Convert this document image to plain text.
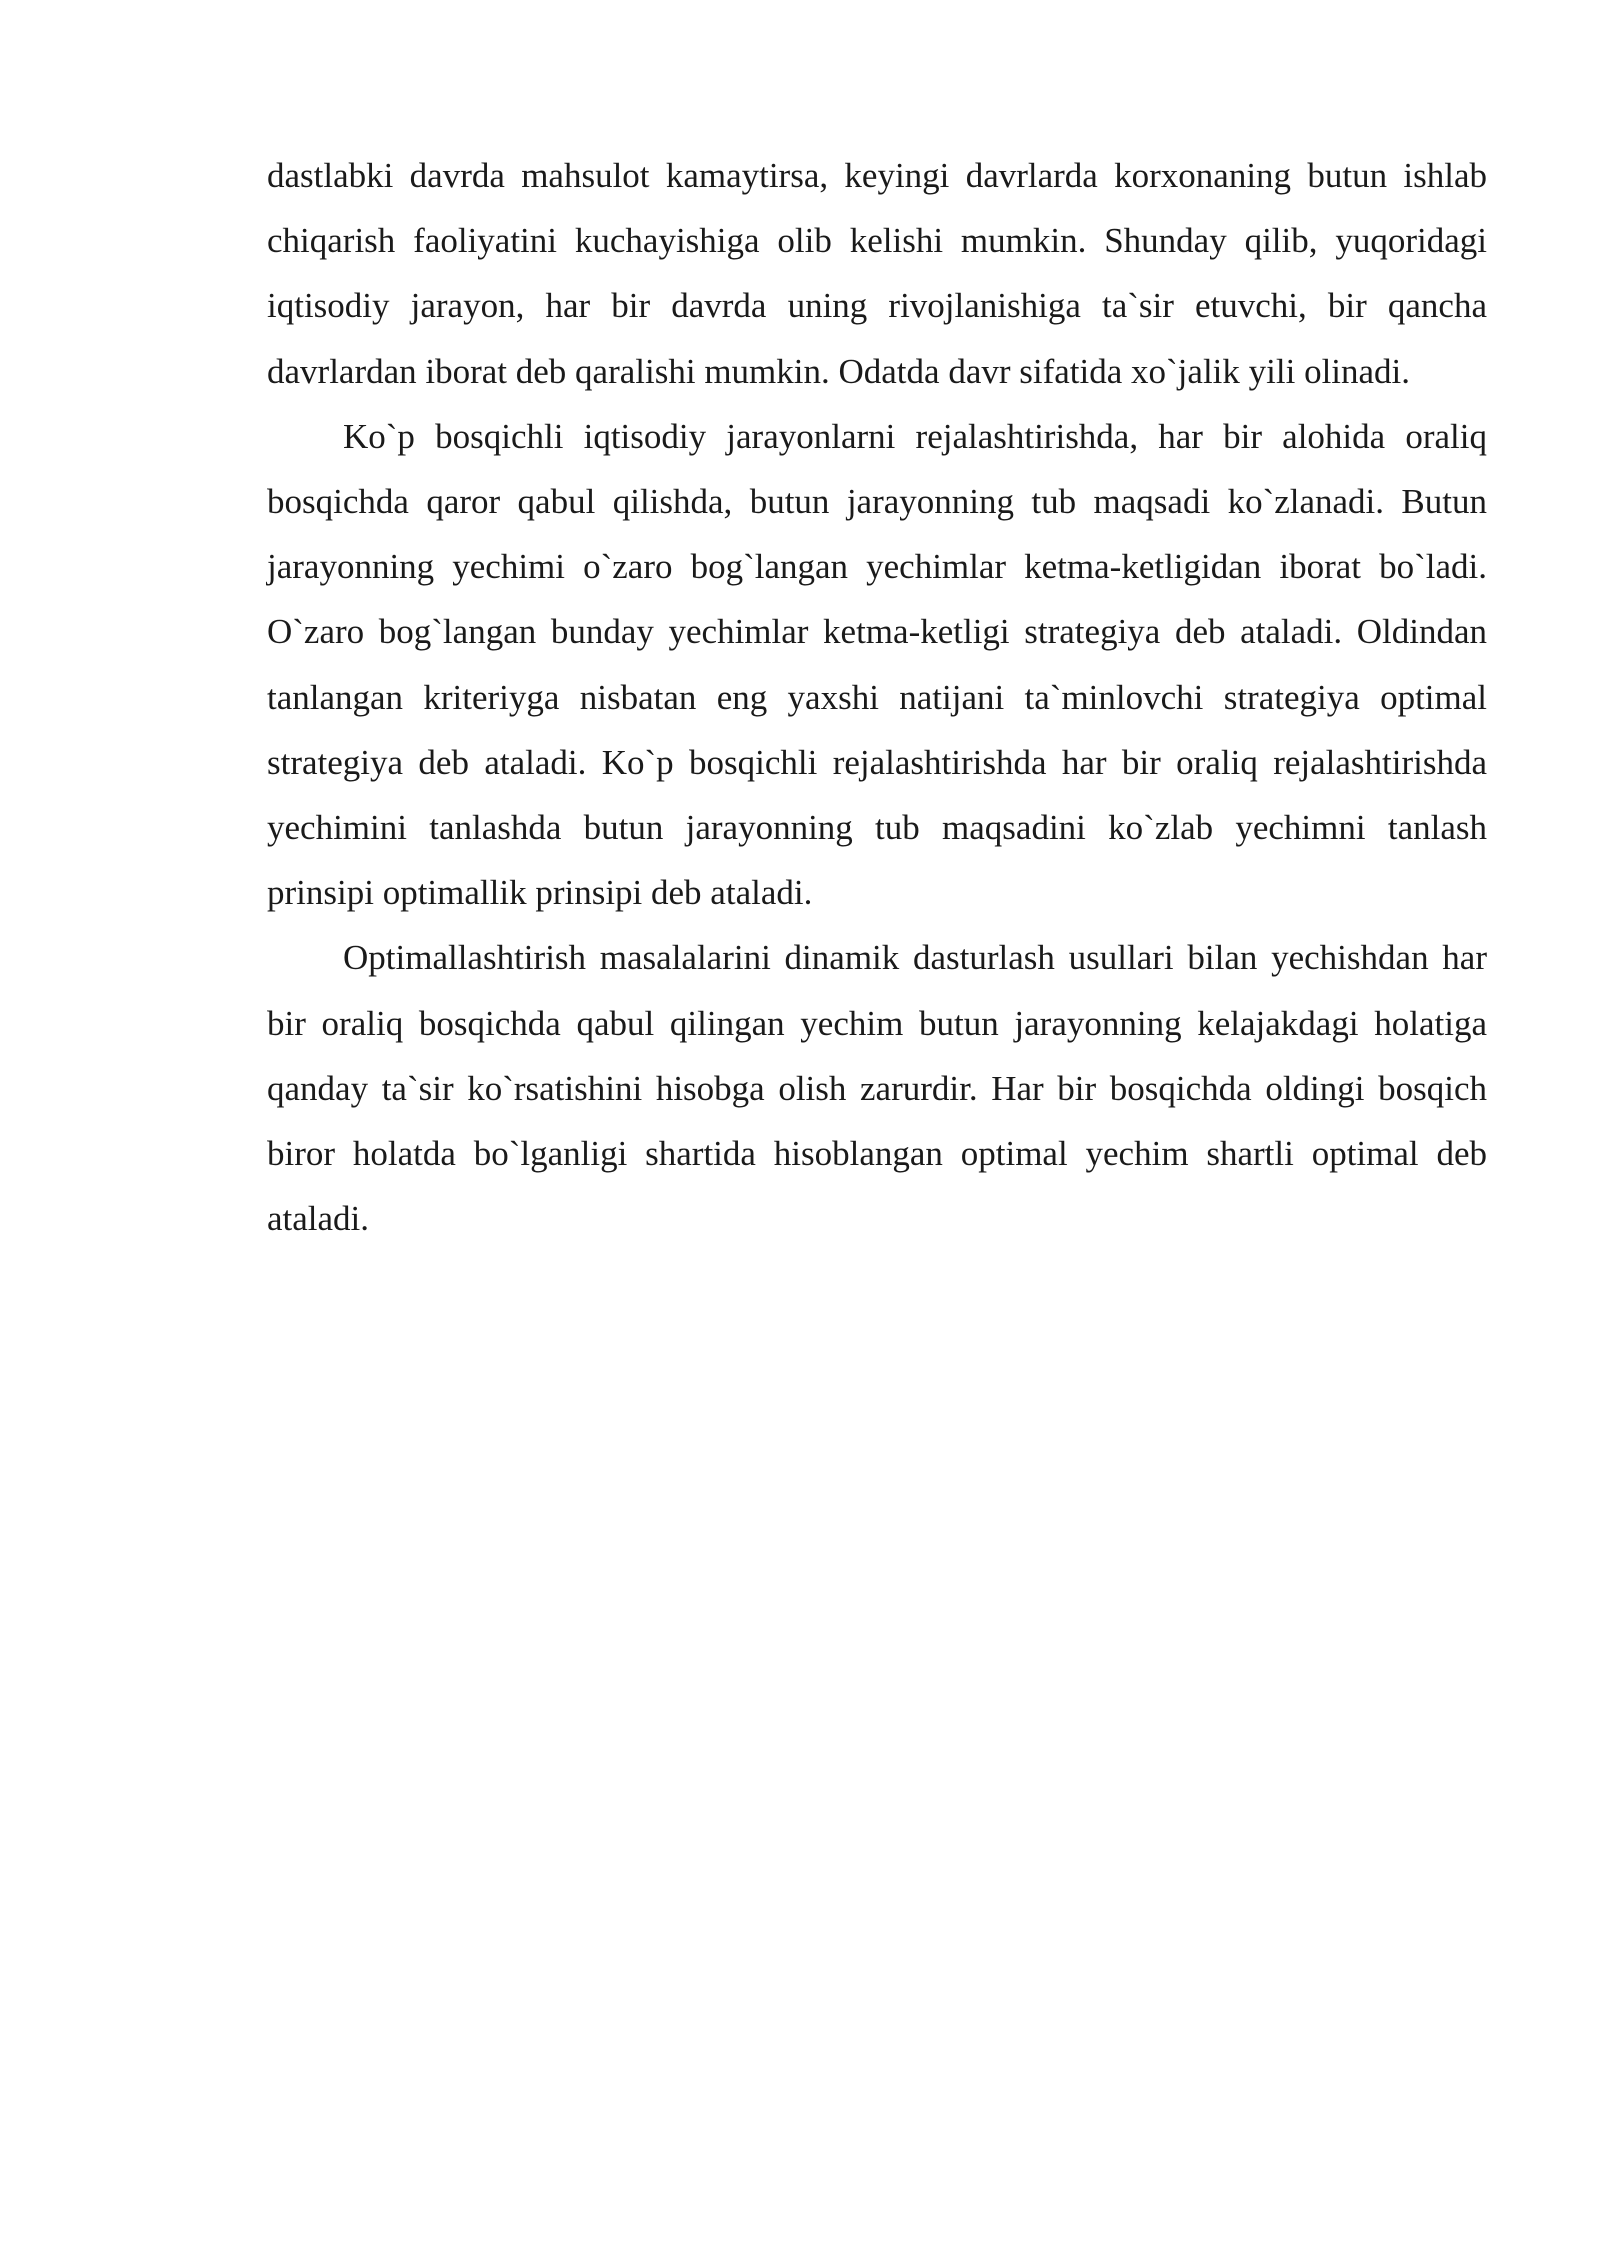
dastlabki davrda mahsulot kamaytirsa, keyingi davrlarda korxonaning butun ishlab chiqarish faoliyatini kuchayishiga olib kelishi mumkin. Shunday qilib, yuqoridagi iqtisodiy jarayon, har bir davrda uning rivojlanishiga ta`sir etuvchi, bir qancha davrlardan iborat deb qaralishi mumkin. Odatda davr sifatida xo`jalik yili olinadi.

Ko`p bosqichli iqtisodiy jarayonlarni rejalashtirishda, har bir alohida oraliq bosqichda qaror qabul qilishda, butun jarayonning tub maqsadi ko`zlanadi. Butun jarayonning yechimi o`zaro bog`langan yechimlar ketma-ketligidan iborat bo`ladi. O`zaro bog`langan bunday yechimlar ketma-ketligi strategiya deb ataladi. Oldindan tanlangan kriteriyga nisbatan eng yaxshi natijani ta`minlovchi strategiya optimal strategiya deb ataladi. Ko`p bosqichli rejalashtirishda har bir oraliq rejalashtirishda yechimini tanlashda butun jarayonning tub maqsadini ko`zlab yechimni tanlash prinsipi optimallik prinsipi deb ataladi.

Optimallashtirish masalalarini dinamik dasturlash usullari bilan yechishdan har bir oraliq bosqichda qabul qilingan yechim butun jarayonning kelajakdagi holatiga qanday ta`sir ko`rsatishini hisobga olish zarurdir. Har bir bosqichda oldingi bosqich biror holatda bo`lganligi shartida hisoblangan optimal yechim shartli optimal deb ataladi.
